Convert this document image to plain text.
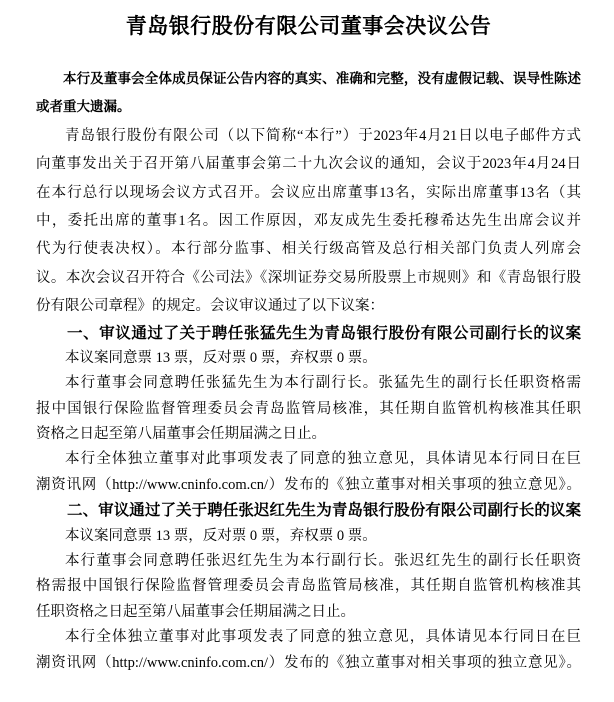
青岛银行股份有限公司董事会决议公告
本行及董事会全体成员保证公告内容的真实、准确和完整，没有虚假记载、误导性陈述
或者重大遗漏。
青岛银行股份有限公司（以下简称“本行”）于2023年4月21日以电子邮件方式
向董事发出关于召开第八届董事会第二十九次会议的通知，会议于2023年4月24日
在本行总行以现场会议方式召开。会议应出席董事13名，实际出席董事13名（其
中，委托出席的董事1名。因工作原因，邓友成先生委托穆希达先生出席会议并
代为行使表决权）。本行部分监事、相关行级高管及总行相关部门负责人列席会
议。本次会议召开符合《公司法》《深圳证券交易所股票上市规则》和《青岛银行股
份有限公司章程》的规定。会议审议通过了以下议案：
一、审议通过了关于聘任张猛先生为青岛银行股份有限公司副行长的议案
本议案同意票 13 票，反对票 0 票，弃权票 0 票。
本行董事会同意聘任张猛先生为本行副行长。张猛先生的副行长任职资格需
报中国银行保险监督管理委员会青岛监管局核准，其任期自监管机构核准其任职
资格之日起至第八届董事会任期届满之日止。
本行全体独立董事对此事项发表了同意的独立意见，具体请见本行同日在巨
潮资讯网（http://www.cninfo.com.cn/）发布的《独立董事对相关事项的独立意见》。
二、审议通过了关于聘任张迟红先生为青岛银行股份有限公司副行长的议案
本议案同意票 13 票，反对票 0 票，弃权票 0 票。
本行董事会同意聘任张迟红先生为本行副行长。张迟红先生的副行长任职资
格需报中国银行保险监督管理委员会青岛监管局核准，其任期自监管机构核准其
任职资格之日起至第八届董事会任期届满之日止。
本行全体独立董事对此事项发表了同意的独立意见，具体请见本行同日在巨
潮资讯网（http://www.cninfo.com.cn/）发布的《独立董事对相关事项的独立意见》。
